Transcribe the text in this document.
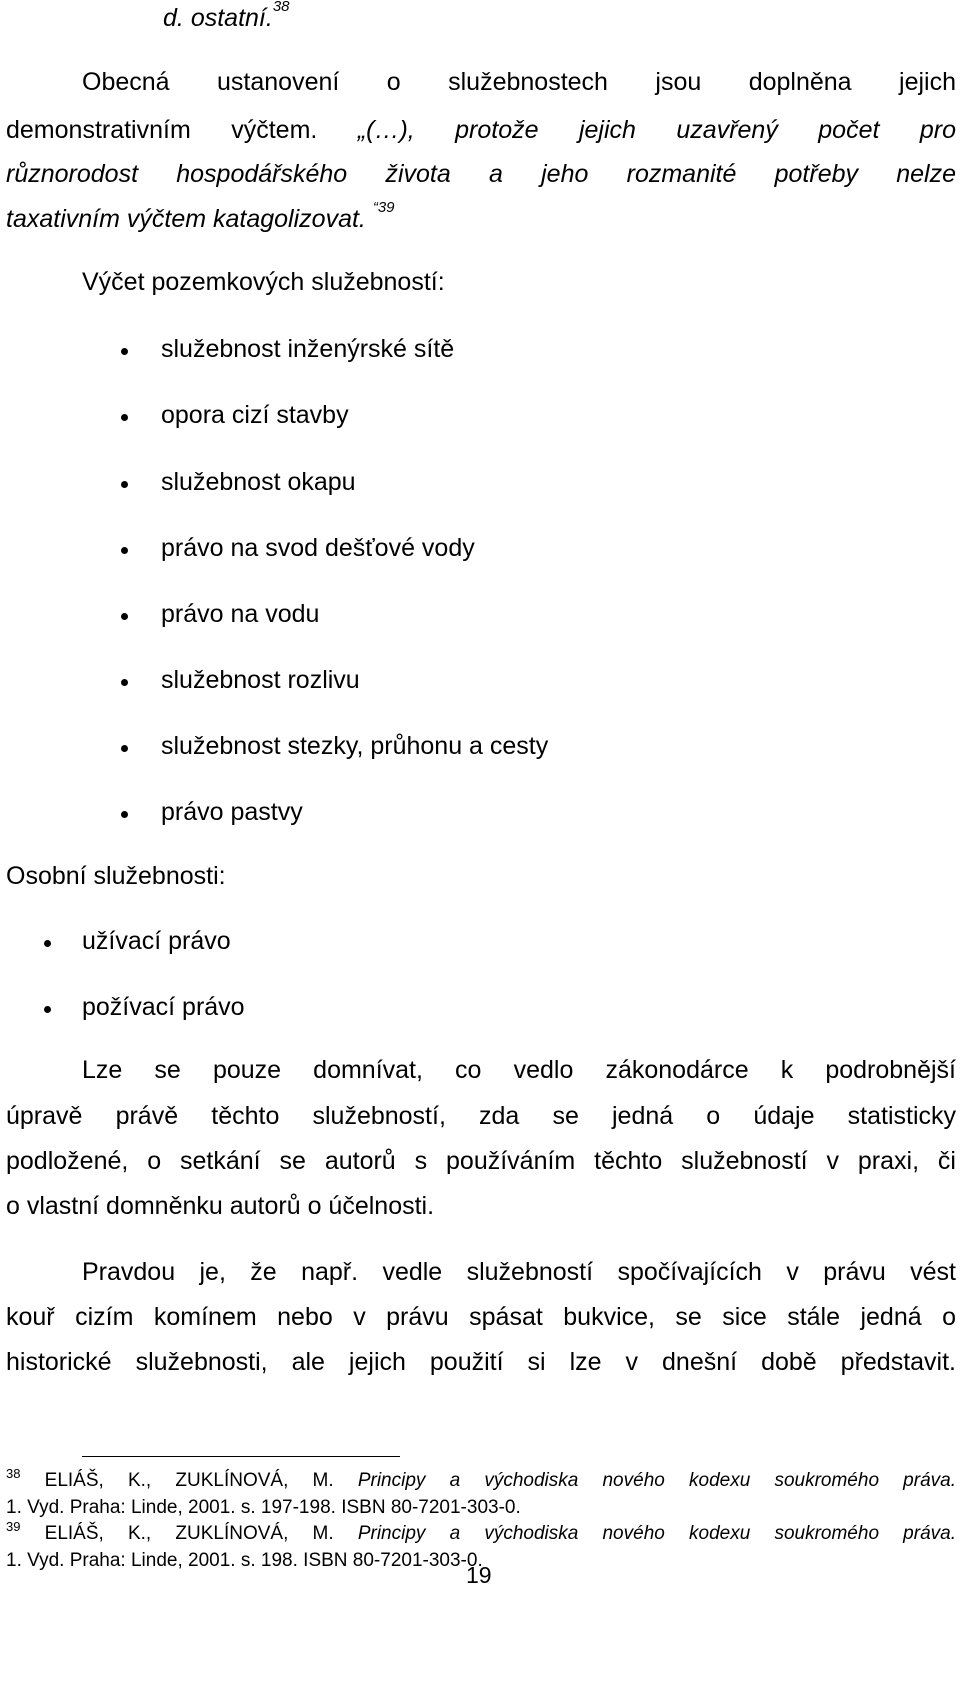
d. ostatní.$^{38}$
Obecná ustanovení o služebnostech jsou doplněna jejich
demonstrativním výčtem. „(…), protože jejich uzavřený počet pro
různorodost hospodářského života a jeho rozmanité potřeby nelze
taxativním výčtem katagolizovat. $^{“39}$
Výčet pozemkových služebností:
služebnost inženýrské sítě
opora cizí stavby
služebnost okapu
právo na svod dešťové vody
právo na vodu
služebnost rozlivu
služebnost stezky, průhonu a cesty
právo pastvy
Osobní služebnosti:
užívací právo
požívací právo
Lze se pouze domnívat, co vedlo zákonodárce k podrobnější
úpravě právě těchto služebností, zda se jedná o údaje statisticky
podložené, o setkání se autorů s používáním těchto služebností v praxi, či
o vlastní domněnku autorů o účelnosti.
Pravdou je, že např. vedle služebností spočívajících v právu vést
kouř cizím komínem nebo v právu spásat bukvice, se sice stále jedná o
historické služebnosti, ale jejich použití si lze v dnešní době představit.
$^{38}$ ELIÁŠ, K., ZUKLÍNOVÁ, M. Principy a východiska nového kodexu soukromého práva.
1. Vyd. Praha: Linde, 2001. s. 197-198. ISBN 80-7201-303-0.
$^{39}$ ELIÁŠ, K., ZUKLÍNOVÁ, M. Principy a východiska nového kodexu soukromého práva.
1. Vyd. Praha: Linde, 2001. s. 198. ISBN 80-7201-303-0.
19
